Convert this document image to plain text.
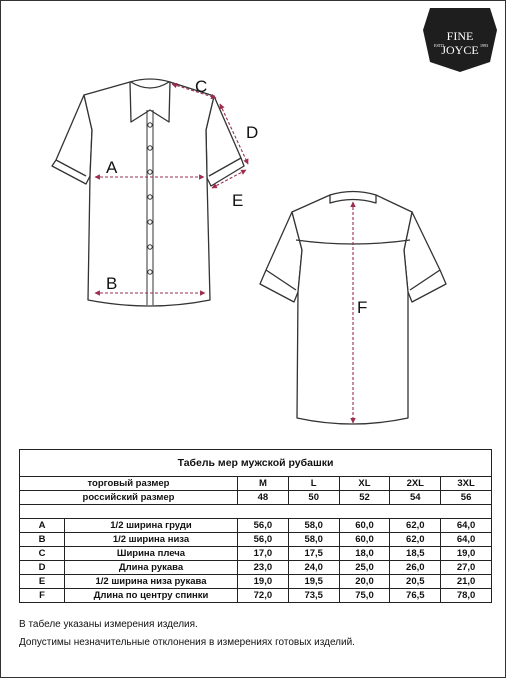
A
B
C
D
E
F
FINE
JOYCE
ESTD	1993
Табель мер мужской рубашки						
торговый размер		M	L	XL	2XL	3XL
российский размер		48	50	52	54	56

A	1/2 ширина груди	56,0	58,0	60,0	62,0	64,0
B	1/2 ширина низа	56,0	58,0	60,0	62,0	64,0
C	Ширина плеча	17,0	17,5	18,0	18,5	19,0
D	Длина рукава	23,0	24,0	25,0	26,0	27,0
E	1/2 ширина низа рукава	19,0	19,5	20,0	20,5	21,0
F	Длина по центру спинки	72,0	73,5	75,0	76,5	78,0
В табеле указаны измерения изделия.
Допустимы незначительные отклонения в измерениях готовых изделий.
